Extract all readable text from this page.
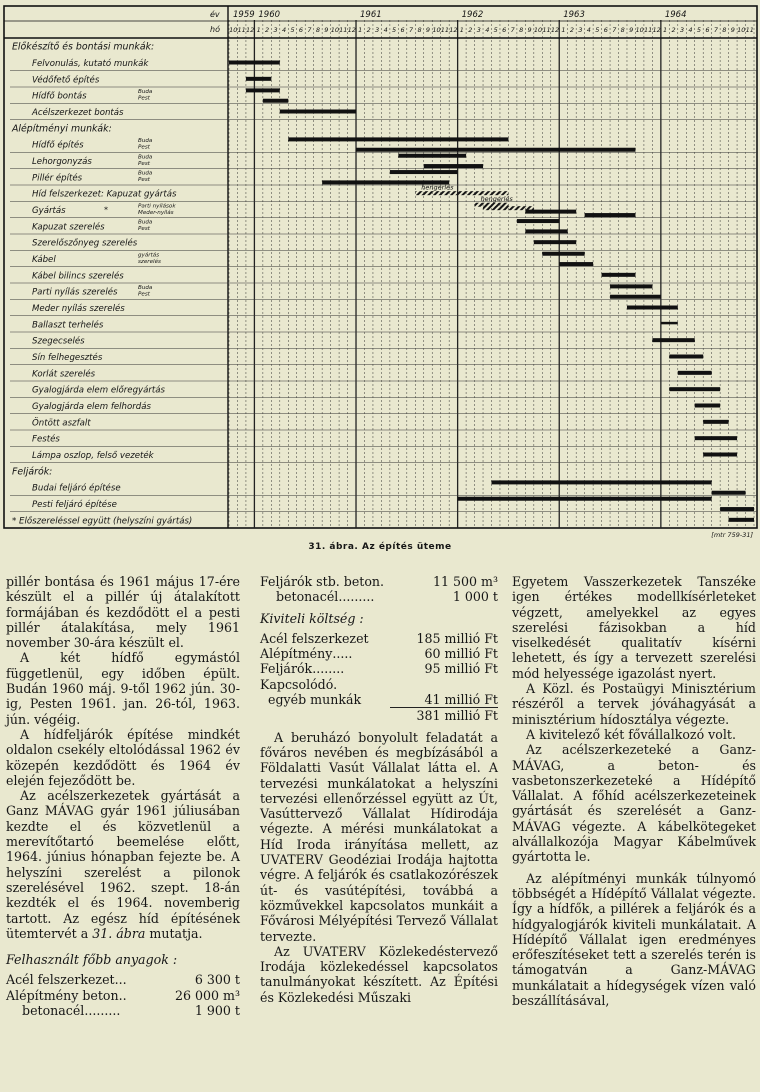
10 11 12 1 2 3 4 5 6 7 8 9 10 11 12 1 2 3 4 5 6 7 8 9 10 11 12 1 2 3 4 5 6 7 8 9 10 11 12 1 2 3 4 5 6 7 8 9 10 11 12 1 2 3 4 5 6 7 8 9 10 11
év
hó
1959 1960	1961	1962	1963	1964
Előkészítő és bontási munkák:
Felvonulás, kutató munkák
Védőfető építés
Hídfő bontás	Buda
Pest
Acélszerkezet bontás
Alépítményi munkák:
Hídfő építés	Buda
Pest
Lehorgonyzás	Buda
Pest
Pillér építés	Buda
Pest
Híd felszerkezet: Kapuzat gyártás
hengerlés
Gyártás	*	Parti nyílások
Meder-nyílás
hengerlés
Kapuzat szerelés	Buda
Pest
Szerelőszőnyeg szerelés
Kábel	gyártás
szerelés
Kábel bilincs szerelés
Parti nyílás szerelés	Buda
Pest
Meder nyílás szerelés
Ballaszt terhelés
Szegecselés
Sín felhegesztés
Korlát szerelés
Gyalogjárda elem előregyártás
Gyalogjárda elem felhordás
Öntött aszfalt
Festés
Lámpa oszlop, felső vezeték
Feljárók:
Budai feljáró építése
Pesti feljáró építése
* Előszereléssel együtt (helyszíni gyártás)
[mtr 759-31]
31. ábra. Az építés üteme

pillér bontása és 1961 május 17-ére készült el a pillér új átalakított formájában és kezdődött el a pesti pillér átalakítása, mely 1961 november 30-ára készült el.

A két hídfő egymástól függetlenül, egy időben épült. Budán 1960 máj. 9-től 1962 jún. 30-ig, Pesten 1961. jan. 26-tól, 1963. jún. végéig.

A hídfeljárók építése mindkét oldalon csekély eltolódással 1962 év közepén kezdődött és 1964 év elején fejeződött be.

Az acélszerkezetek gyártását a Ganz MÁVAG gyár 1961 júliusában kezdte el és közvetlenül a merevítőtartó beemelése előtt, 1964. június hónapban fejezte be. A helyszíni szerelést a pilonok szerelésével 1962. szept. 18-án kezdték el és 1964. novemberig tartott. Az egész híd építésének ütemtervét a 31. ábra mutatja.

Felhasznált főbb anyagok :

Acél felszerkezet ...	6 300 t
Alépítmény beton ..	26 000 m³
betonacél .........	1 900 t
Feljárók stb. beton .	11 500 m³
betonacél .........	1 000 t

Kiviteli költség :

Acél felszerkezet	185 millió Ft
Alépítmény .....	60 millió Ft
Feljárók ........	95 millió Ft
Kapcsolódó.
egyéb munkák	41 millió Ft
381 millió Ft

A beruházó bonyolult feladatát a főváros nevében és megbízásából a Földalatti Vasút Vállalat látta el. A tervezési munkálatokat a helyszíni tervezési ellenőrzéssel együtt az Út, Vasúttervező Vállalat Hídirodája végezte. A mérési munkálatokat a Híd Iroda irányítása mellett, az UVATERV Geodéziai Irodája hajtotta végre. A feljárók és csatlakozórészek út- és vasútépítési, továbbá a közművekkel kapcsolatos munkáit a Fővárosi Mélyépítési Tervező Vállalat tervezte.

Az UVATERV Közlekedéstervező Irodája közlekedéssel kapcsolatos tanulmányokat készített. Az Építési és Közlekedési Műszaki

Egyetem Vasszerkezetek Tanszéke igen értékes modellkísérleteket végzett, amelyekkel az egyes szerelési fázisokban a híd viselkedését qualitatív kísérni lehetett, és így a tervezett szerelési mód helyessége igazolást nyert.

A Közl. és Postaügyi Minisztérium részéről a tervek jóváhagyását a minisztérium hídosztálya végezte.

A kivitelező két fővállalkozó volt.

Az acélszerkezeteké a Ganz-MÁVAG, a beton- és vasbetonszerkezeteké a Hídépítő Vállalat. A főhíd acélszerkezeteinek gyártását és szerelését a Ganz-MÁVAG végezte. A kábelkötegeket alvállalkozója Magyar Kábelművek gyártotta le.

Az alépítményi munkák túlnyomó többségét a Hídépítő Vállalat végezte. Így a hídfők, a pillérek a feljárók és a hídgyalogjárók kiviteli munkálatait. A Hídépítő Vállalat igen eredményes erőfeszítéseket tett a szerelés terén is támogatván a Ganz-MÁVAG munkálatait a hídegységek vízen való beszállításával,
